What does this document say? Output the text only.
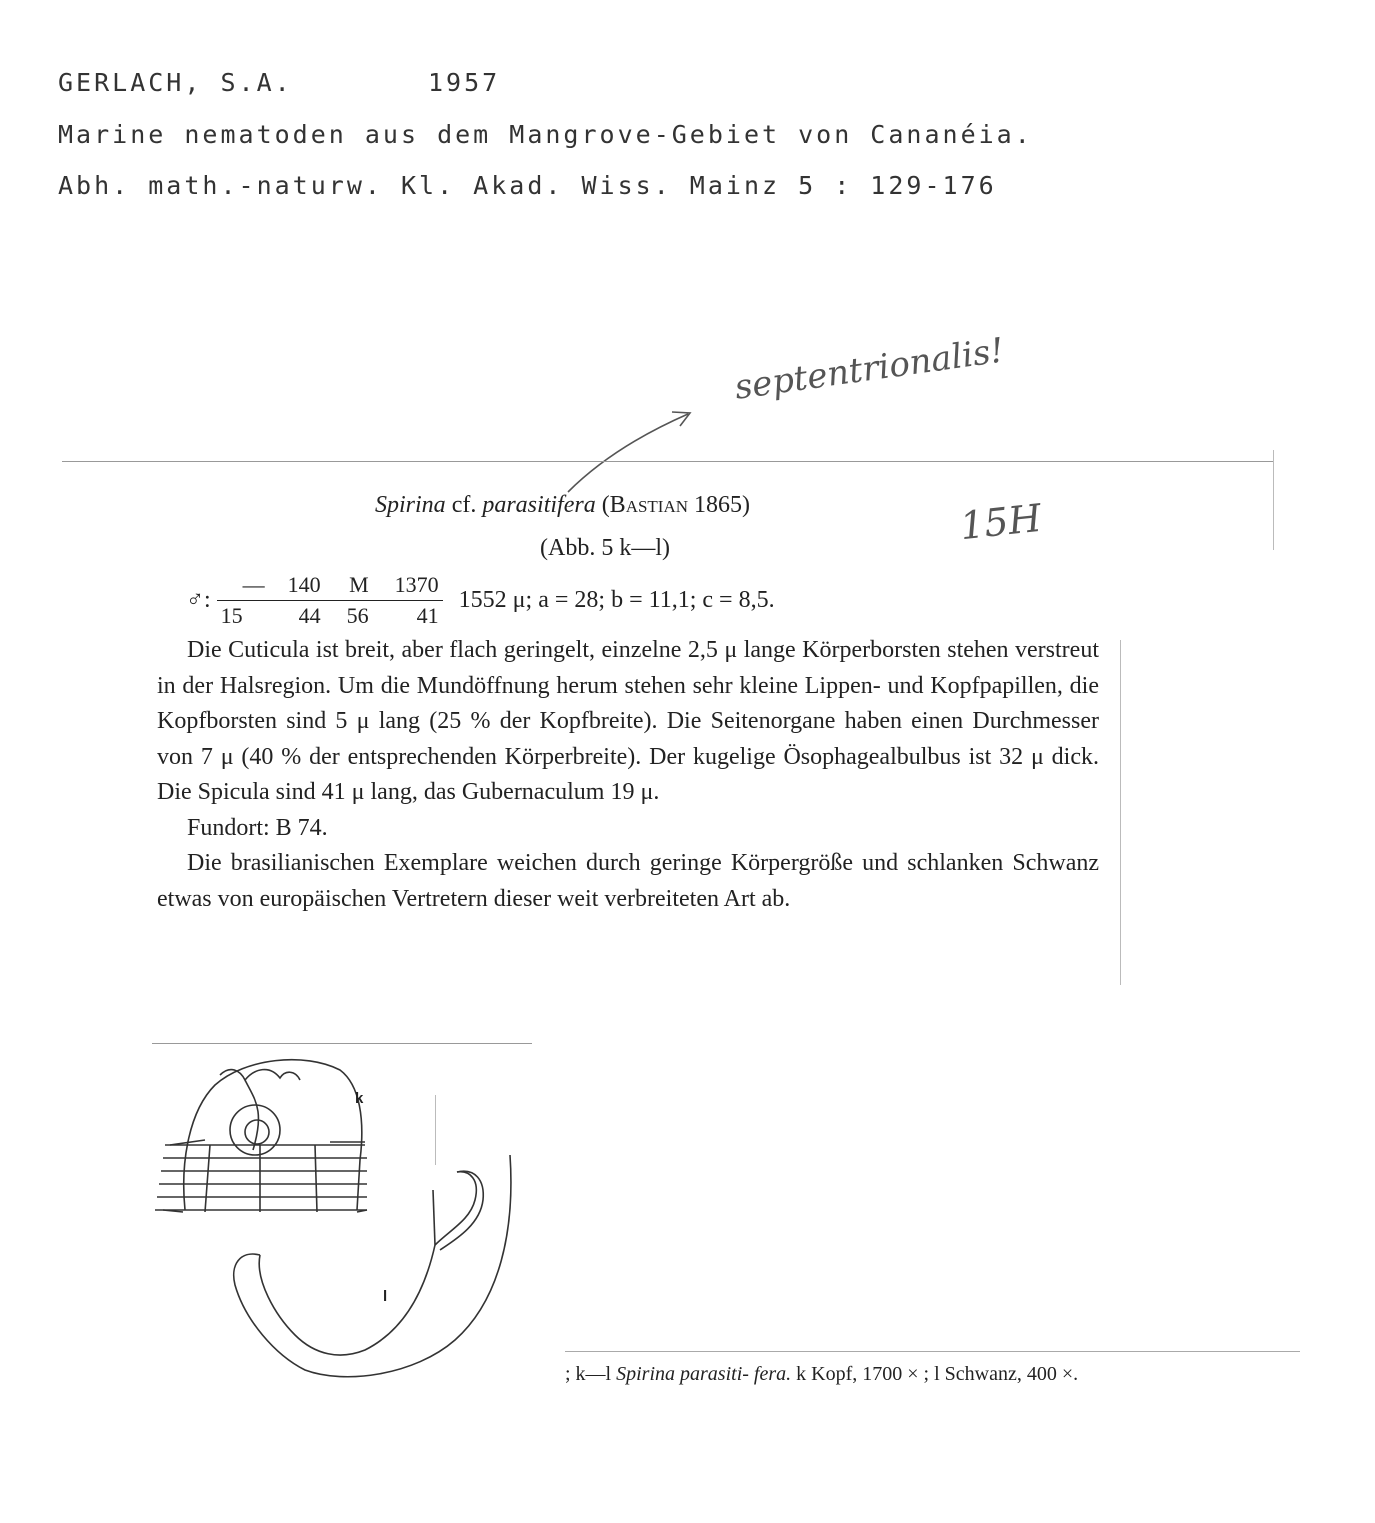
GERLACH, S.A.	1957
Marine nematoden aus dem Mangrove-Gebiet von Cananéia.
Abh. math.-naturw. Kl. Akad. Wiss. Mainz 5 : 129-176
septentrionalis!
15H
Spirina cf. parasitifera (Bastian 1865)
(Abb. 5 k—l)
♂: —	140	M	1370
15	44	56	41 1552 μ; a = 28; b = 11,1; c = 8,5.

Die Cuticula ist breit, aber flach geringelt, einzelne 2,5 μ lange Körperborsten stehen verstreut in der Halsregion. Um die Mundöffnung herum stehen sehr kleine Lippen- und Kopfpapillen, die Kopfborsten sind 5 μ lang (25 % der Kopfbreite). Die Seitenorgane haben einen Durchmesser von 7 μ (40 % der entsprechenden Körperbreite). Der kugelige Ösophagealbulbus ist 32 μ dick. Die Spicula sind 41 μ lang, das Gubernaculum 19 μ.

Fundort: B 74.

Die brasilianischen Exemplare weichen durch geringe Körpergröße und schlanken Schwanz etwas von europäischen Vertretern dieser weit verbreiteten Art ab.

k
l
; k—l Spirina parasiti- fera. k Kopf, 1700 × ; l Schwanz, 400 ×.
